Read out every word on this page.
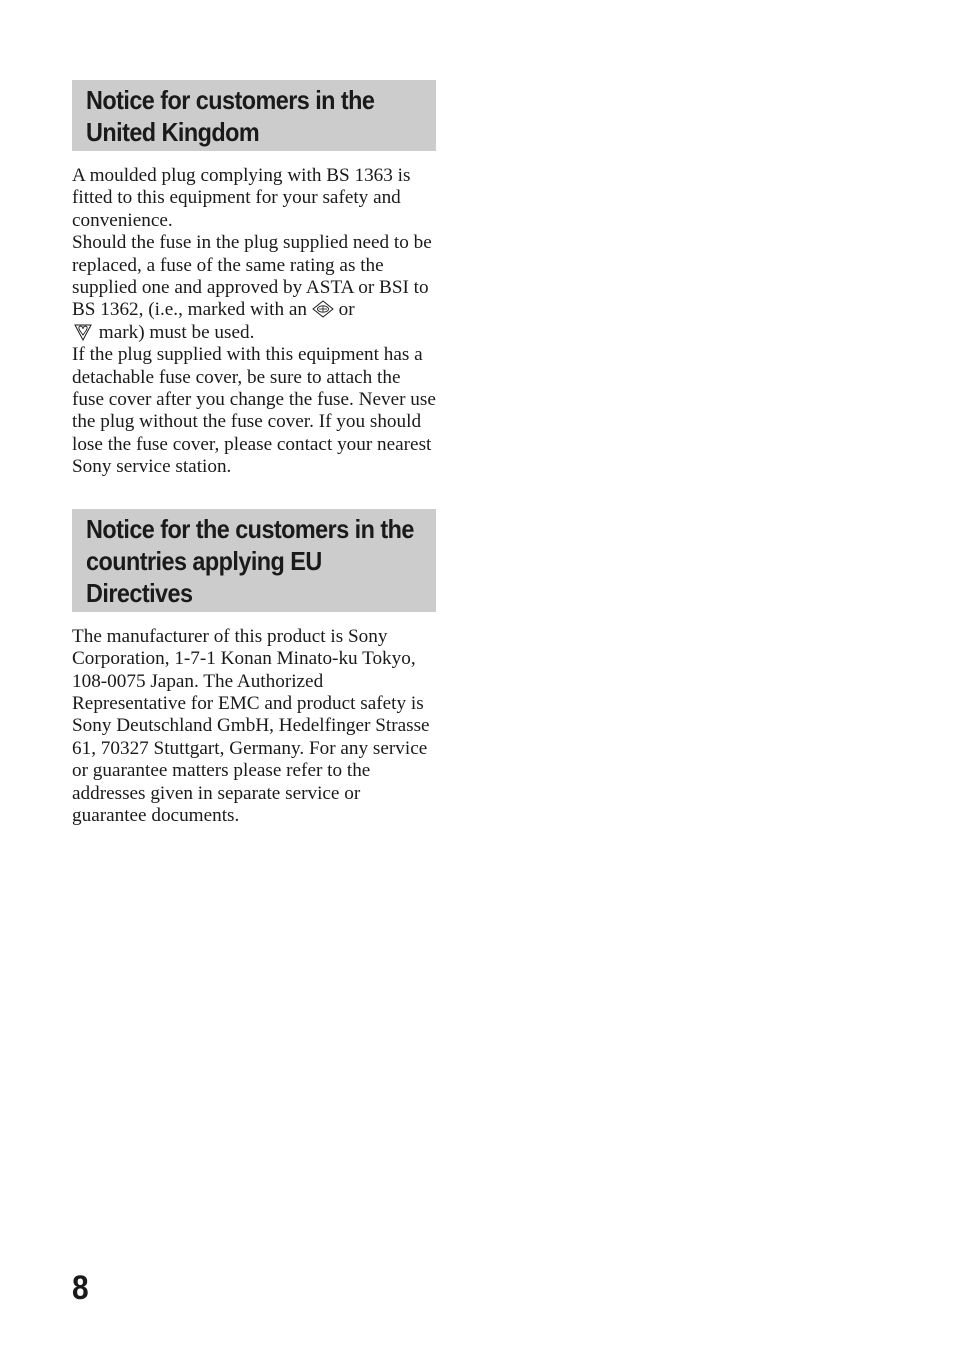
Notice for customers in the United Kingdom

A moulded plug complying with BS 1363 is fitted to this equipment for your safety and convenience.

Should the fuse in the plug supplied need to be replaced, a fuse of the same rating as the supplied one and approved by ASTA or BSI to BS 1362, (i.e., marked with an  or
mark) must be used.

If the plug supplied with this equipment has a detachable fuse cover, be sure to attach the fuse cover after you change the fuse. Never use the plug without the fuse cover. If you should lose the fuse cover, please contact your nearest Sony service station.

Notice for the customers in the countries applying EU Directives

The manufacturer of this product is Sony Corporation, 1-7-1 Konan Minato-ku Tokyo, 108-0075 Japan. The Authorized Representative for EMC and product safety is Sony Deutschland GmbH, Hedelfinger Strasse 61, 70327 Stuttgart, Germany. For any service or guarantee matters please refer to the addresses given in separate service or guarantee documents.

8
